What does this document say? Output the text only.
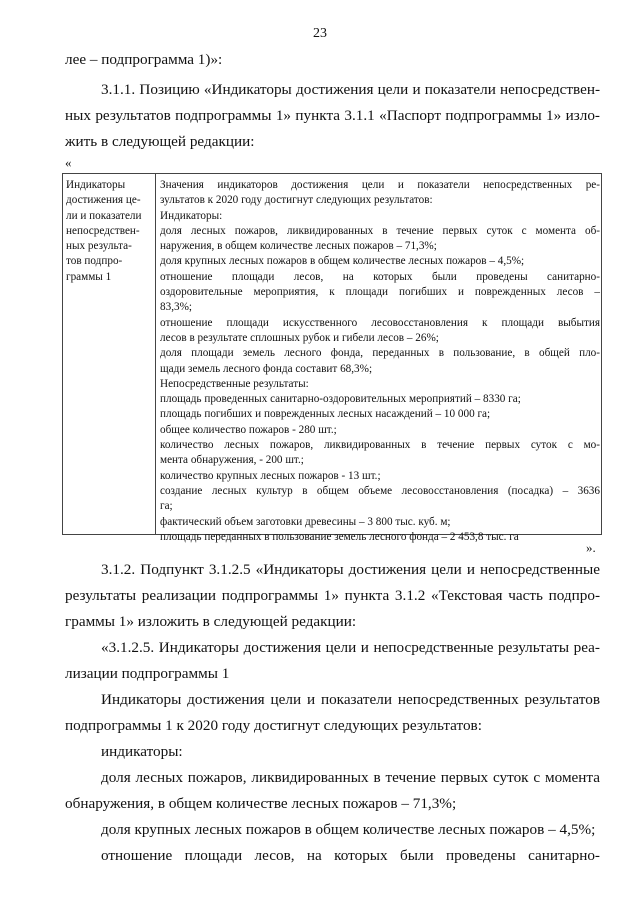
23
лее – подпрограмма 1)»:
3.1.1. Позицию «Индикаторы достижения цели и показатели непосредствен-
ных результатов подпрограммы 1» пункта 3.1.1 «Паспорт подпрограммы 1» изло-
жить в следующей редакции:
«
Индикаторы
достижения це-
ли и показатели
непосредствен-
ных результа-
тов подпро-
граммы 1
Значения индикаторов достижения цели и показатели непосредственных ре-
зультатов к 2020 году достигнут следующих результатов:
Индикаторы:
доля лесных пожаров, ликвидированных в течение первых суток с момента об-
наружения, в общем количестве лесных пожаров – 71,3%;
доля крупных лесных пожаров в общем количестве лесных пожаров – 4,5%;
отношение площади лесов, на которых были проведены санитарно-
оздоровительные мероприятия, к площади погибших и поврежденных лесов –
83,3%;
отношение площади искусственного лесовосстановления к площади выбытия
лесов в результате сплошных рубок и гибели лесов – 26%;
доля площади земель лесного фонда, переданных в пользование, в общей пло-
щади земель лесного фонда составит 68,3%;
Непосредственные результаты:
площадь проведенных санитарно-оздоровительных мероприятий – 8330 га;
площадь погибших и поврежденных лесных насаждений – 10 000 га;
общее количество пожаров - 280 шт.;
количество лесных пожаров, ликвидированных в течение первых суток с мо-
мента обнаружения, - 200 шт.;
количество крупных лесных пожаров - 13 шт.;
создание лесных культур в общем объеме лесовосстановления (посадка) – 3636
га;
фактический объем заготовки древесины – 3 800 тыс. куб. м;
площадь переданных в пользование земель лесного фонда – 2 453,8 тыс. га
».
3.1.2. Подпункт 3.1.2.5 «Индикаторы достижения цели и непосредственные
результаты реализации подпрограммы 1» пункта 3.1.2 «Текстовая часть подпро-
граммы 1» изложить в следующей редакции:
«3.1.2.5. Индикаторы достижения цели и непосредственные результаты реа-
лизации подпрограммы 1
Индикаторы достижения цели и показатели непосредственных результатов
подпрограммы 1 к 2020 году достигнут следующих результатов:
индикаторы:
доля лесных пожаров, ликвидированных в течение первых суток с момента
обнаружения, в общем количестве лесных пожаров – 71,3%;
доля крупных лесных пожаров в общем количестве лесных пожаров – 4,5%;
отношение площади лесов, на которых были проведены санитарно-
